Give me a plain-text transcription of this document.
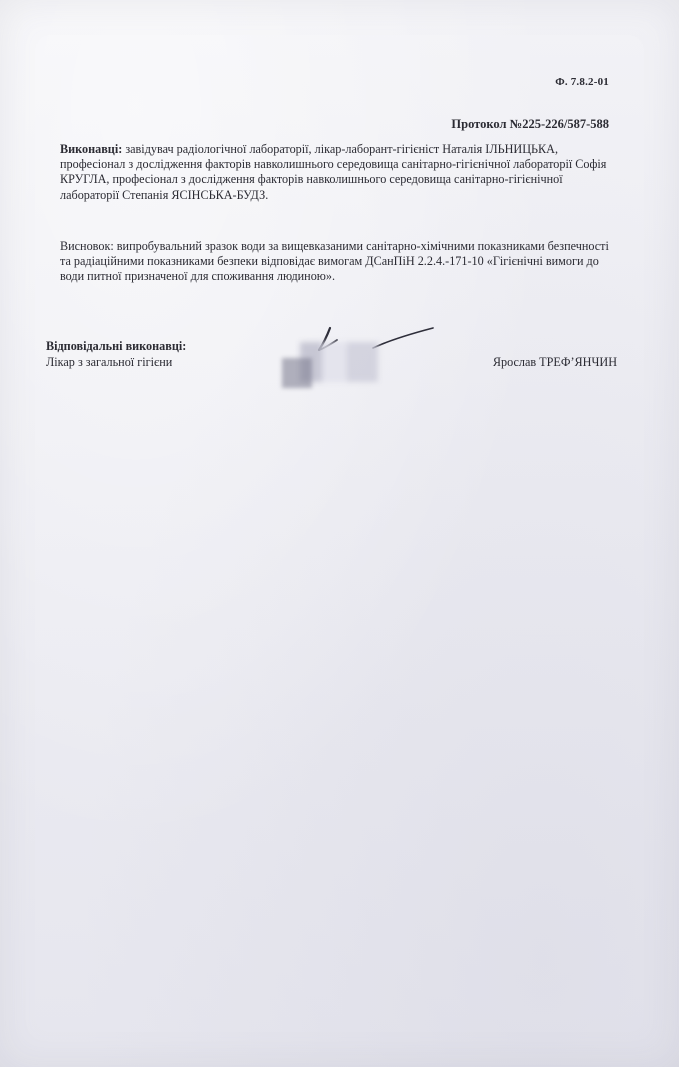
Ф. 7.8.2-01
Протокол №225-226/587-588
Виконавці: завідувач радіологічної лабораторії, лікар-лаборант-гігієніст Наталія ІЛЬНИЦЬКА, професіонал з дослідження факторів навколишнього середовища санітарно-гігієнічної лабораторії Софія КРУГЛА, професіонал з дослідження факторів навколишнього середовища санітарно-гігієнічної лабораторії Степанія ЯСІНСЬКА-БУДЗ.
Висновок: випробувальний зразок води за вищевказаними санітарно-хімічними показниками безпечності та радіаційними показниками безпеки відповідає вимогам ДСанПіН 2.2.4.-171-10 «Гігієнічні вимоги до води питної призначеної для споживання людиною».
Відповідальні виконавці:
Лікар з загальної гігієни	Ярослав ТРЕФ’ЯНЧИН
